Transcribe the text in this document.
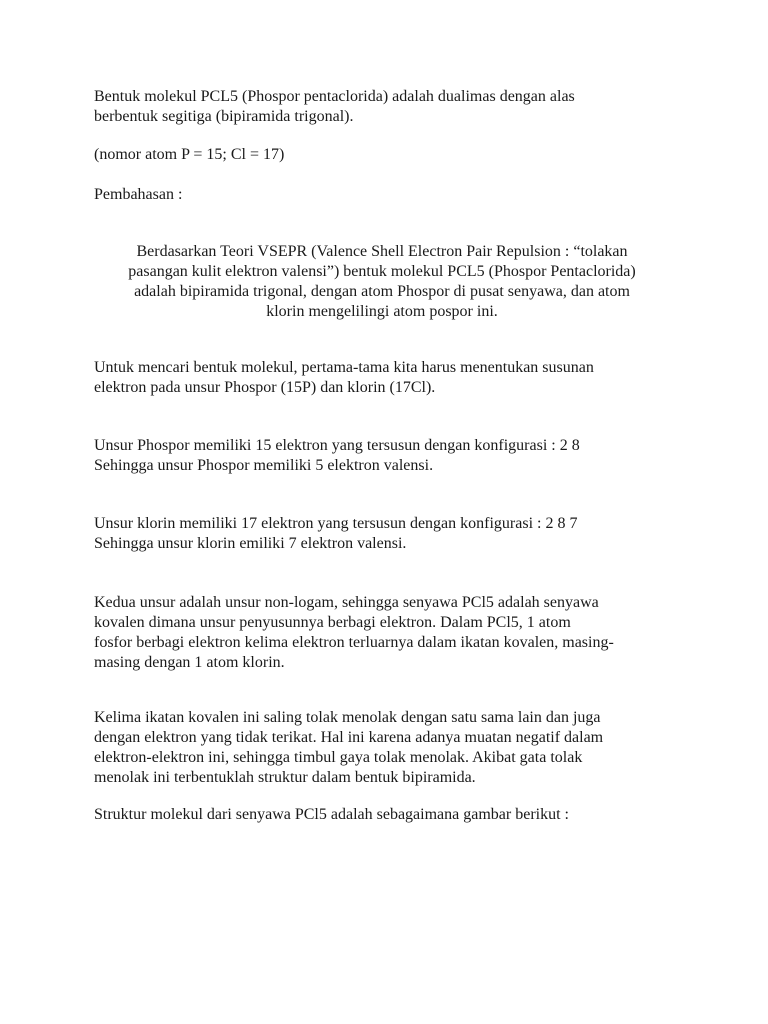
Bentuk molekul PCL5 (Phospor pentaclorida) adalah dualimas dengan alas
berbentuk segitiga (bipiramida trigonal).

(nomor atom P = 15; Cl = 17)

Pembahasan :

Berdasarkan Teori VSEPR (Valence Shell Electron Pair Repulsion : “tolakan
pasangan kulit elektron valensi”) bentuk molekul PCL5 (Phospor Pentaclorida)
adalah bipiramida trigonal, dengan atom Phospor di pusat senyawa, dan atom
klorin mengelilingi atom pospor ini.

Untuk mencari bentuk molekul, pertama-tama kita harus menentukan susunan
elektron pada unsur Phospor (15P) dan klorin (17Cl).

Unsur Phospor memiliki 15 elektron yang tersusun dengan konfigurasi : 2 8
Sehingga unsur Phospor memiliki 5 elektron valensi.

Unsur klorin memiliki 17 elektron yang tersusun dengan konfigurasi : 2 8 7
Sehingga unsur klorin emiliki 7 elektron valensi.

Kedua unsur adalah unsur non-logam, sehingga senyawa PCl5 adalah senyawa
kovalen dimana unsur penyusunnya berbagi elektron. Dalam PCl5, 1 atom
fosfor berbagi elektron kelima elektron terluarnya dalam ikatan kovalen, masing-
masing dengan 1 atom klorin.

Kelima ikatan kovalen ini saling tolak menolak dengan satu sama lain dan juga
dengan elektron yang tidak terikat. Hal ini karena adanya muatan negatif dalam
elektron-elektron ini, sehingga timbul gaya tolak menolak. Akibat gata tolak
menolak ini terbentuklah struktur dalam bentuk bipiramida.

Struktur molekul dari senyawa PCl5 adalah sebagaimana gambar berikut :
